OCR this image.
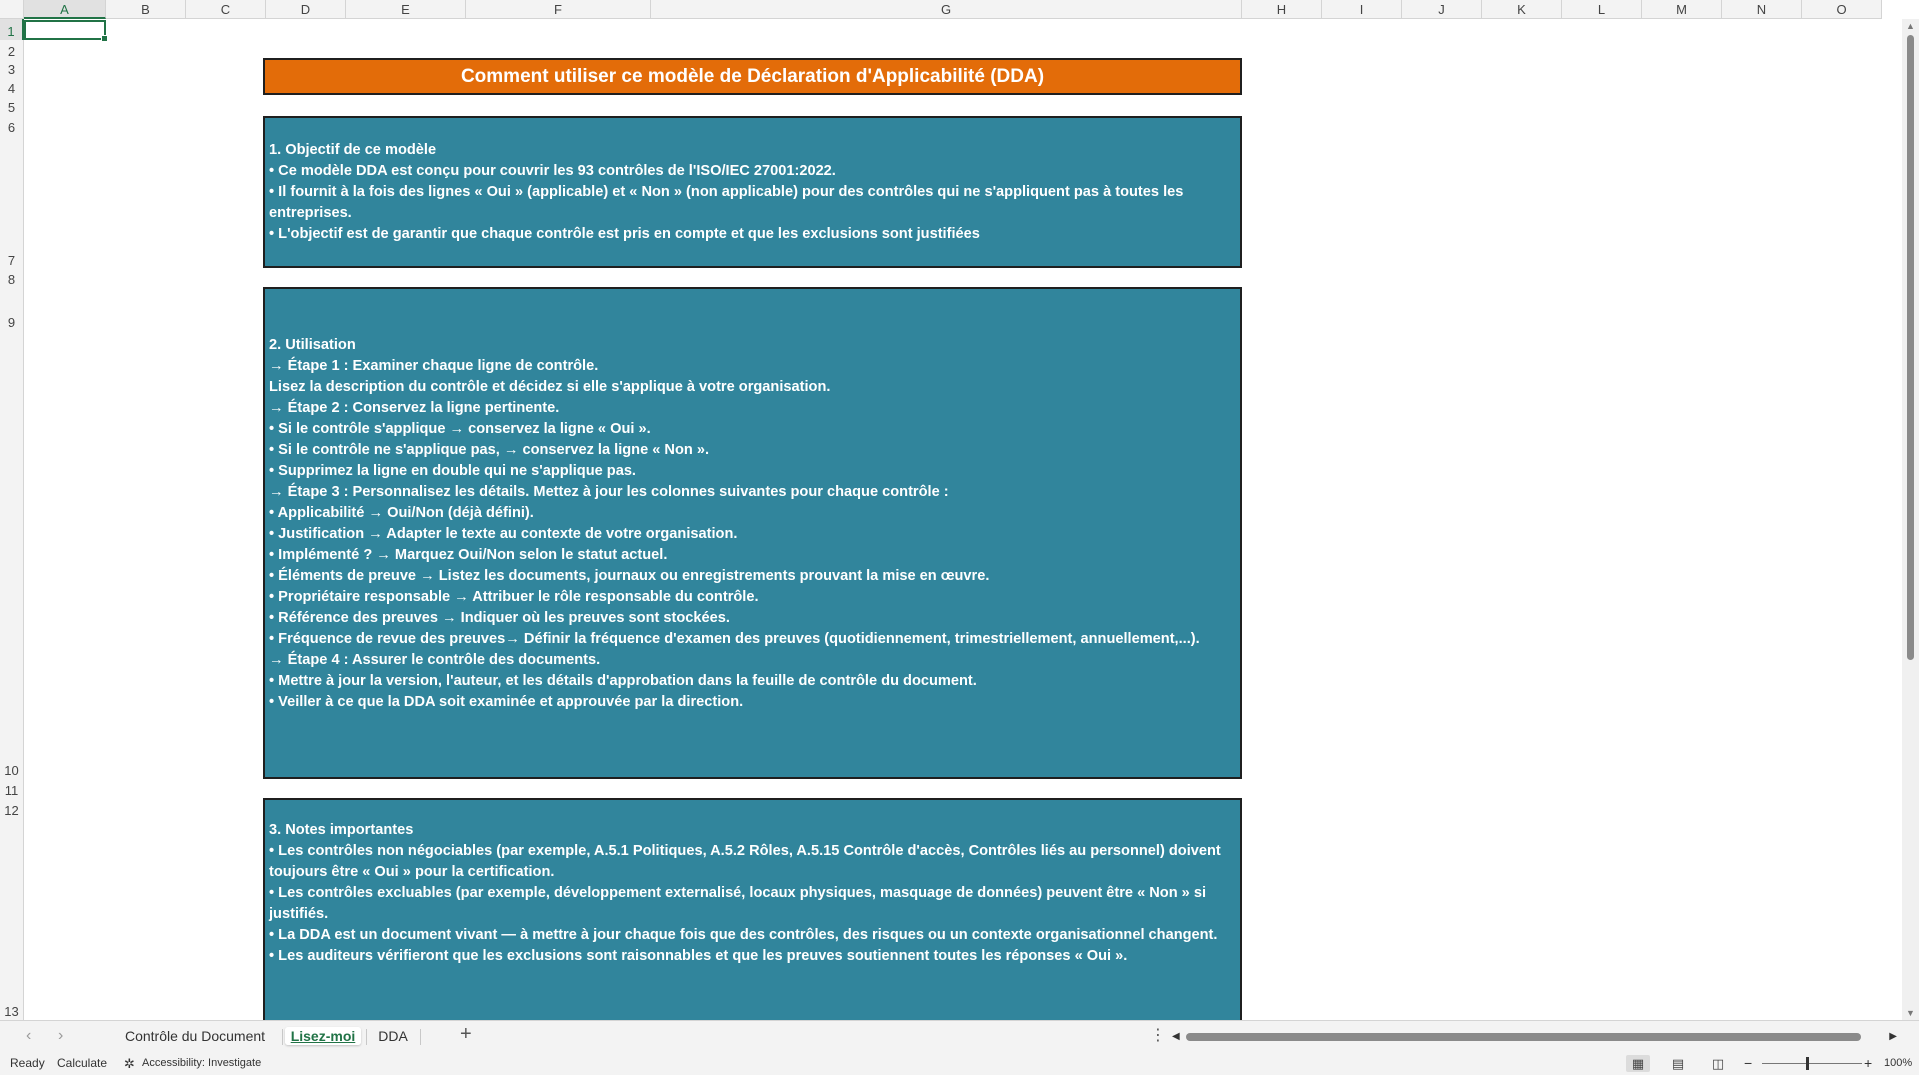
A	B	C	D	E	F	G	H	I	J	K	L	M	N	O
1
2
3
4
5
6
7
8
9
10
11
12
13
Comment utiliser ce modèle de Déclaration d'Applicabilité (DDA)

1. Objectif de ce modèle

• Ce modèle DDA est conçu pour couvrir les 93 contrôles de l'ISO/IEC 27001:2022.

• Il fournit à la fois des lignes « Oui » (applicable) et « Non » (non applicable) pour des contrôles qui ne s'appliquent pas à toutes les entreprises.

• L'objectif est de garantir que chaque contrôle est pris en compte et que les exclusions sont justifiées

2. Utilisation

→ Étape 1 : Examiner chaque ligne de contrôle.

Lisez la description du contrôle et décidez si elle s'applique à votre organisation.

→ Étape 2 : Conservez la ligne pertinente.

• Si le contrôle s'applique → conservez la ligne « Oui ».

• Si le contrôle ne s'applique pas, → conservez la ligne « Non ».

• Supprimez la ligne en double qui ne s'applique pas.

→ Étape 3 : Personnalisez les détails. Mettez à jour les colonnes suivantes pour chaque contrôle :

• Applicabilité → Oui/Non (déjà défini).

• Justification → Adapter le texte au contexte de votre organisation.

• Implémenté ? → Marquez Oui/Non selon le statut actuel.

• Éléments de preuve → Listez les documents, journaux ou enregistrements prouvant la mise en œuvre.

• Propriétaire responsable → Attribuer le rôle responsable du contrôle.

• Référence des preuves → Indiquer où les preuves sont stockées.

• Fréquence de revue des preuves→ Définir la fréquence d'examen des preuves (quotidiennement, trimestriellement, annuellement,...).

→ Étape 4 : Assurer le contrôle des documents.

• Mettre à jour la version, l'auteur, et les détails d'approbation dans la feuille de contrôle du document.

• Veiller à ce que la DDA soit examinée et approuvée par la direction.

3. Notes importantes

• Les contrôles non négociables (par exemple, A.5.1 Politiques, A.5.2 Rôles, A.5.15 Contrôle d'accès, Contrôles liés au personnel) doivent toujours être « Oui » pour la certification.

• Les contrôles excluables (par exemple, développement externalisé, locaux physiques, masquage de données) peuvent être « Non » si justifiés.

• La DDA est un document vivant — à mettre à jour chaque fois que des contrôles, des risques ou un contexte organisationnel changent.

• Les auditeurs vérifieront que les exclusions sont raisonnables et que les preuves soutiennent toutes les réponses « Oui ».

▲
▼
‹ ›	Contrôle du Document	Lisez-moi	DDA	+	⋮ ◀	▶
Ready Calculate ✲ Accessibility: Investigate	▦	▤	◫	−	+ 100%
